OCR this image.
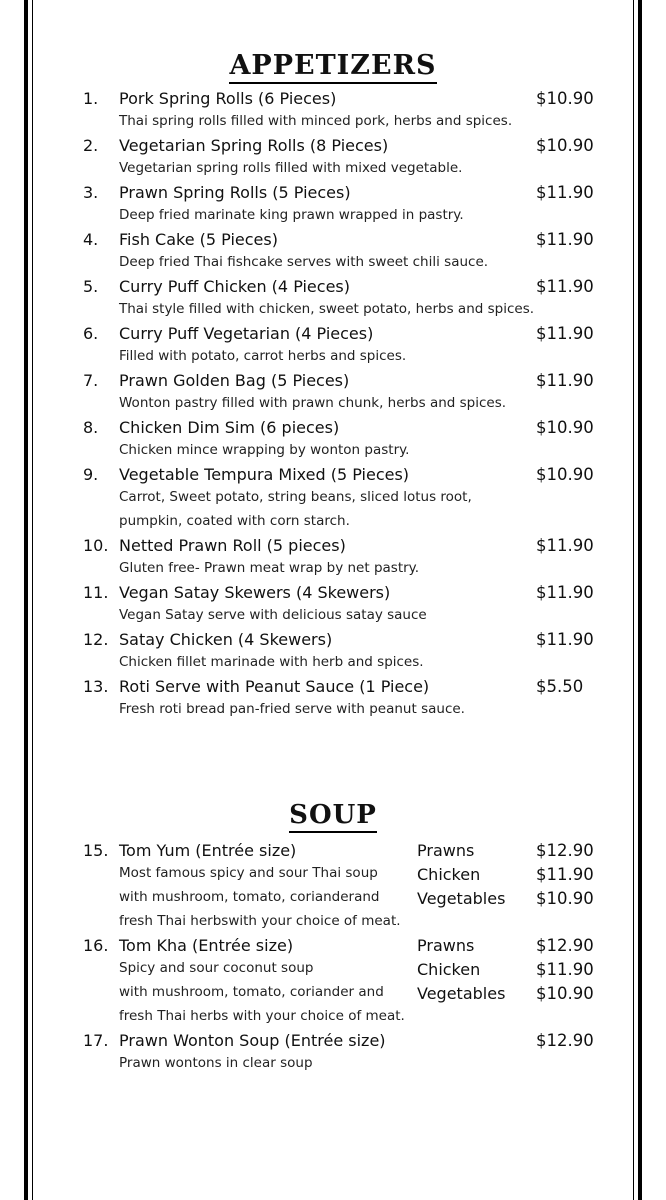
APPETIZERS
1. Pork Spring Rolls (6 Pieces)	$10.90
Thai spring rolls filled with minced pork, herbs and spices.
2. Vegetarian Spring Rolls (8 Pieces)	$10.90
Vegetarian spring rolls filled with mixed vegetable.
3. Prawn Spring Rolls (5 Pieces)	$11.90
Deep fried marinate king prawn wrapped in pastry.
4. Fish Cake (5 Pieces)	$11.90
Deep fried Thai fishcake serves with sweet chili sauce.
5. Curry Puff Chicken (4 Pieces)	$11.90
Thai style filled with chicken, sweet potato, herbs and spices.
6. Curry Puff Vegetarian (4 Pieces)	$11.90
Filled with potato, carrot herbs and spices.
7. Prawn Golden Bag (5 Pieces)	$11.90
Wonton pastry filled with prawn chunk, herbs and spices.
8. Chicken Dim Sim (6 pieces)	$10.90
Chicken mince wrapping by wonton pastry.
9. Vegetable Tempura Mixed (5 Pieces)	$10.90
Carrot, Sweet potato, string beans, sliced lotus root,
pumpkin, coated with corn starch.
10. Netted Prawn Roll (5 pieces)	$11.90
Gluten free- Prawn meat wrap by net pastry.
11. Vegan Satay Skewers (4 Skewers)	$11.90
Vegan Satay serve with delicious satay sauce
12. Satay Chicken (4 Skewers)	$11.90
Chicken fillet marinade with herb and spices.
13. Roti Serve with Peanut Sauce (1 Piece)	$5.50
Fresh roti bread pan-fried serve with peanut sauce.
SOUP
15. Tom Yum (Entrée size)	Prawns	$12.90
Chicken	$11.90
Vegetables $10.90
Most famous spicy and sour Thai soup
with mushroom, tomato, corianderand
fresh Thai herbswith your choice of meat.
16. Tom Kha (Entrée size)	Prawns	$12.90
Chicken	$11.90
Vegetables $10.90
Spicy and sour coconut soup
with mushroom, tomato, coriander and
fresh Thai herbs with your choice of meat.
17. Prawn Wonton Soup (Entrée size)	$12.90
Prawn wontons in clear soup
